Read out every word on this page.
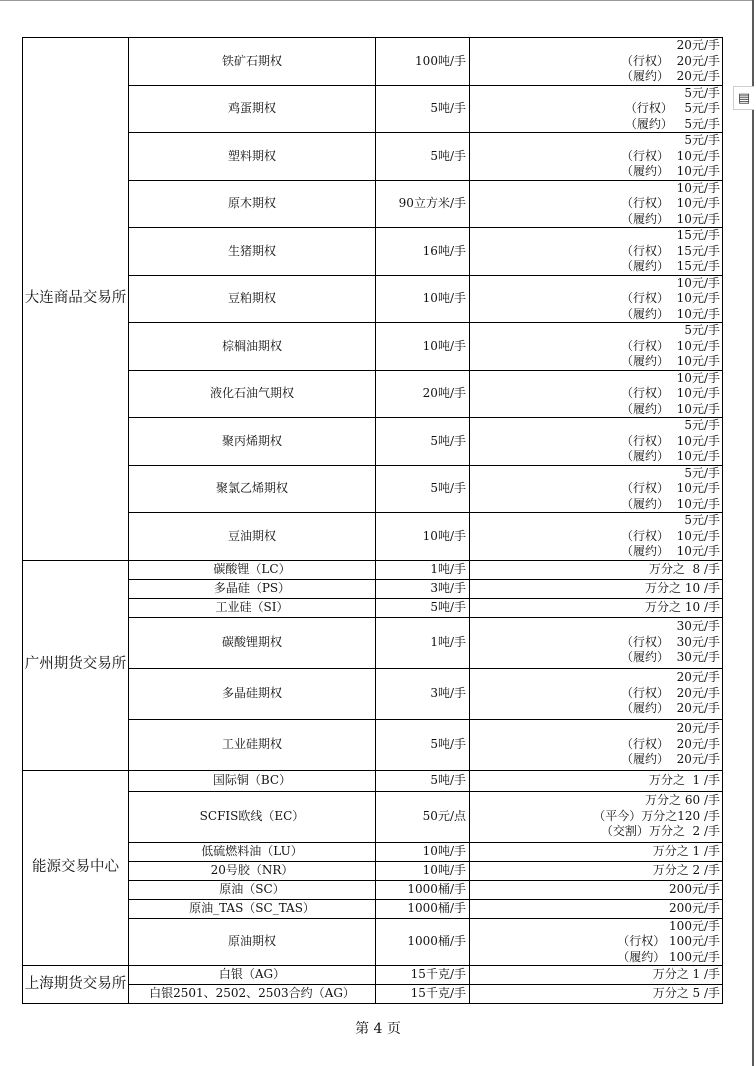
▤
大连商品交易所	铁矿石期权	100吨/手	20元/手
（行权）  20元/手
（履约）  20元/手

	鸡蛋期权	5吨/手	5元/手
（行权）   5元/手
（履约）   5元/手

	塑料期权	5吨/手	5元/手
（行权）  10元/手
（履约）  10元/手

	原木期权	90立方米/手	10元/手
（行权）  10元/手
（履约）  10元/手

	生猪期权	16吨/手	15元/手
（行权）  15元/手
（履约）  15元/手

	豆粕期权	10吨/手	10元/手
（行权）  10元/手
（履约）  10元/手

	棕榈油期权	10吨/手	5元/手
（行权）  10元/手
（履约）  10元/手

	液化石油气期权	20吨/手	10元/手
（行权）  10元/手
（履约）  10元/手

	聚丙烯期权	5吨/手	5元/手
（行权）  10元/手
（履约）  10元/手

	聚氯乙烯期权	5吨/手	5元/手
（行权）  10元/手
（履约）  10元/手

	豆油期权	10吨/手	5元/手
（行权）  10元/手
（履约）  10元/手

广州期货交易所	碳酸锂（LC）	1吨/手	万分之  8 /手

	多晶硅（PS）	3吨/手	万分之 10 /手

	工业硅（SI）	5吨/手	万分之 10 /手

	碳酸锂期权	1吨/手	30元/手
（行权）  30元/手
（履约）  30元/手

	多晶硅期权	3吨/手	20元/手
（行权）  20元/手
（履约）  20元/手

	工业硅期权	5吨/手	20元/手
（行权）  20元/手
（履约）  20元/手

能源交易中心	国际铜（BC）	5吨/手	万分之  1 /手

	SCFIS欧线（EC）	50元/点	万分之 60 /手
（平今）万分之120 /手
（交割）万分之  2 /手

	低硫燃料油（LU）	10吨/手	万分之 1 /手

	20号胶（NR）	10吨/手	万分之 2 /手

	原油（SC）	1000桶/手	200元/手

	原油_TAS（SC_TAS）	1000桶/手	200元/手

	原油期权	1000桶/手	100元/手
（行权） 100元/手
（履约） 100元/手

上海期货交易所	白银（AG）	15千克/手	万分之 1 /手

	白银2501、2502、2503合约（AG）	15千克/手	万分之 5 /手
第 4 页
